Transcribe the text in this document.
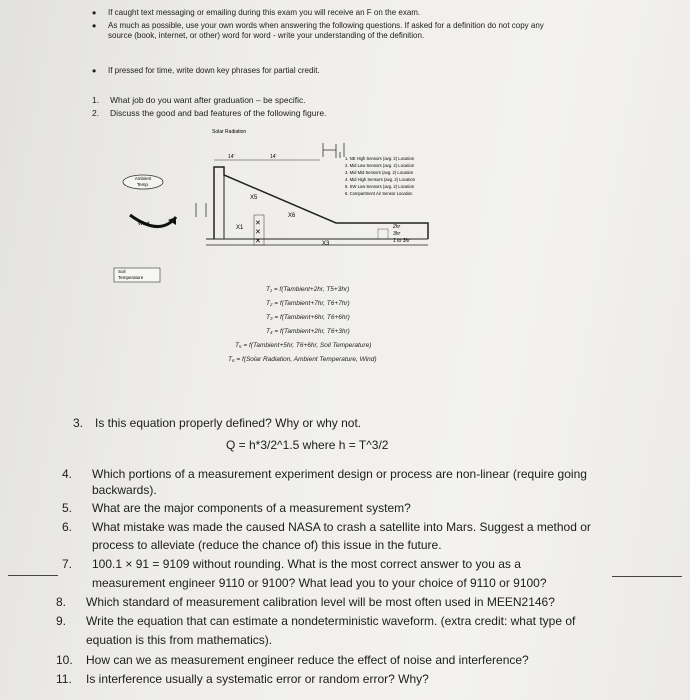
• If caught text messaging or emailing during this exam you will receive an F on the exam.
• As much as possible, use your own words when answering the following questions. If asked for a definition do not copy any source (book, internet, or other) word for word - write your understanding of the definition.
• If pressed for time, write down key phrases for partial credit.
1. What job do you want after graduation – be specific.
2. Discuss the good and bad features of the following figure.
Solar Radiation
14'	14'
✕
✕
✕
X5
X6
X1
X3
2hr
3hr
1 to 3hr
Ambient
Temp.
Wind
Soil
Temperature
1. NE High Sensors (avg. 2) Location
2. Mid Low Sensors (avg. 2) Location
3. Mid Mid Sensors (avg. 2) Location
4. Mid High Sensors (avg. 2) Location
5. SW Low Sensors (avg. 2) Location
6. Compartment Air Sensor Location
T₁ = f(Tambient+2hr, T5+3hr)
T₂ = f(Tambient+7hr, T6+7hr)
T₃ = f(Tambient+6hr, T6+6hr)
T₄ = f(Tambient+2hr, T6+3hr)
T₅ = f(Tambient+5hr, T6+6hr, Soil Temperature)
T₆ = f(Solar Radiation, Ambient Temperature, Wind)
3. Is this equation properly defined? Why or why not.
Q = h*3/2^1.5 where h = T^3/2
4. Which portions of a measurement experiment design or process are non-linear (require going
backwards).
5. What are the major components of a measurement system?
6. What mistake was made the caused NASA to crash a satellite into Mars. Suggest a method or
process to alleviate (reduce the chance of) this issue in the future.
7. 100.1 × 91 = 9109 without rounding. What is the most correct answer to you as a
measurement engineer 9110 or 9100? What lead you to your choice of 9110 or 9100?
8. Which standard of measurement calibration level will be most often used in MEEN2146?
9. Write the equation that can estimate a nondeterministic waveform. (extra credit: what type of
equation is this from mathematics).
10. How can we as measurement engineer reduce the effect of noise and interference?
11. Is interference usually a systematic error or random error? Why?
